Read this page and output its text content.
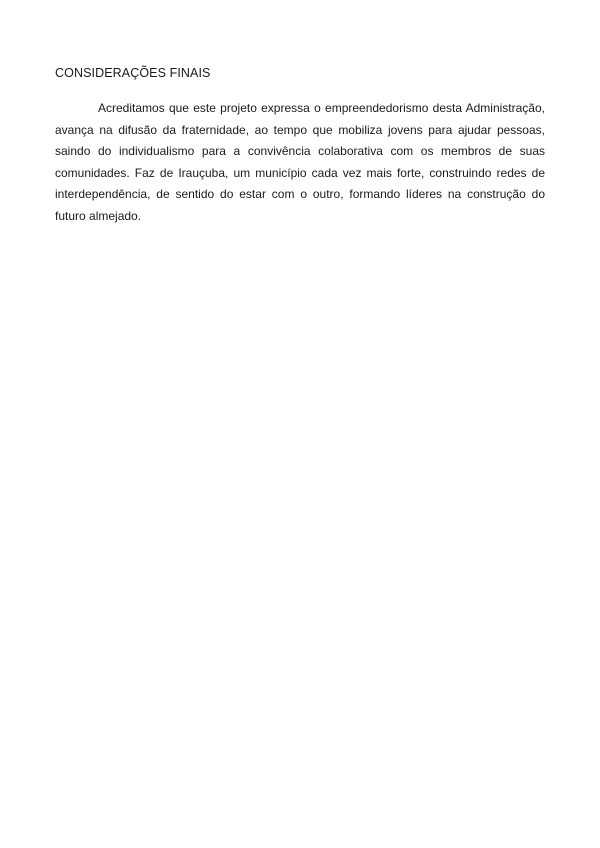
CONSIDERAÇÕES FINAIS

Acreditamos que este projeto expressa o empreendedorismo desta Administração, avança na difusão da fraternidade, ao tempo que mobiliza jovens para ajudar pessoas, saindo do individualismo para a convivência colaborativa com os membros de suas comunidades. Faz de Irauçuba, um município cada vez mais forte, construindo redes de interdependência, de sentido do estar com o outro, formando líderes na construção do futuro almejado.
